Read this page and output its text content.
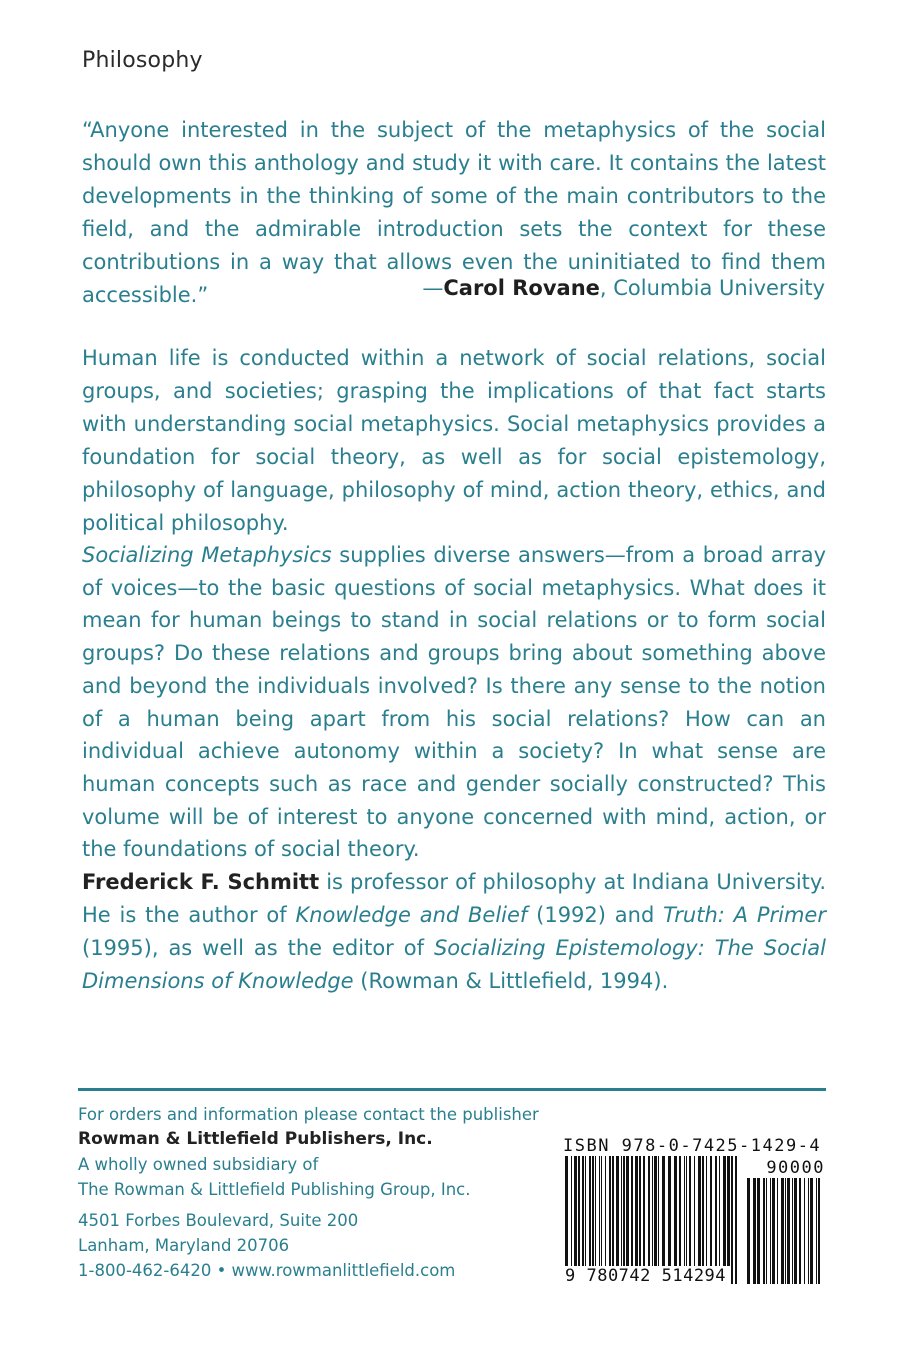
Philosophy
“Anyone interested in the subject of the metaphysics of the social should own this anthology and study it with care. It contains the latest developments in the thinking of some of the main contributors to the field, and the admirable introduction sets the context for these contributions in a way that allows even the uninitiated to find them accessible.”	—Carol Rovane, Columbia University
Human life is conducted within a network of social relations, social groups, and societies; grasping the implications of that fact starts with understanding social metaphysics. Social metaphysics provides a foundation for social theory, as well as for social epistemology, philosophy of language, philosophy of mind, action theory, ethics, and political philosophy.
Socializing Metaphysics supplies diverse answers—from a broad array of voices—to the basic questions of social metaphysics. What does it mean for human beings to stand in social relations or to form social groups? Do these relations and groups bring about something above and beyond the individuals involved? Is there any sense to the notion of a human being apart from his social relations? How can an individual achieve autonomy within a society? In what sense are human concepts such as race and gender socially constructed? This volume will be of interest to anyone concerned with mind, action, or the foundations of social theory.
Frederick F. Schmitt is professor of philosophy at Indiana University. He is the author of Knowledge and Belief (1992) and Truth: A Primer (1995), as well as the editor of Socializing Epistemology: The Social Dimensions of Knowledge (Rowman & Littlefield, 1994).
For orders and information please contact the publisher
Rowman & Littlefield Publishers, Inc.
A wholly owned subsidiary of
The Rowman & Littlefield Publishing Group, Inc.
4501 Forbes Boulevard, Suite 200
Lanham, Maryland 20706
1-800-462-6420 • www.rowmanlittlefield.com
ISBN 978-0-7425-1429-4
90000
9 780742 514294
